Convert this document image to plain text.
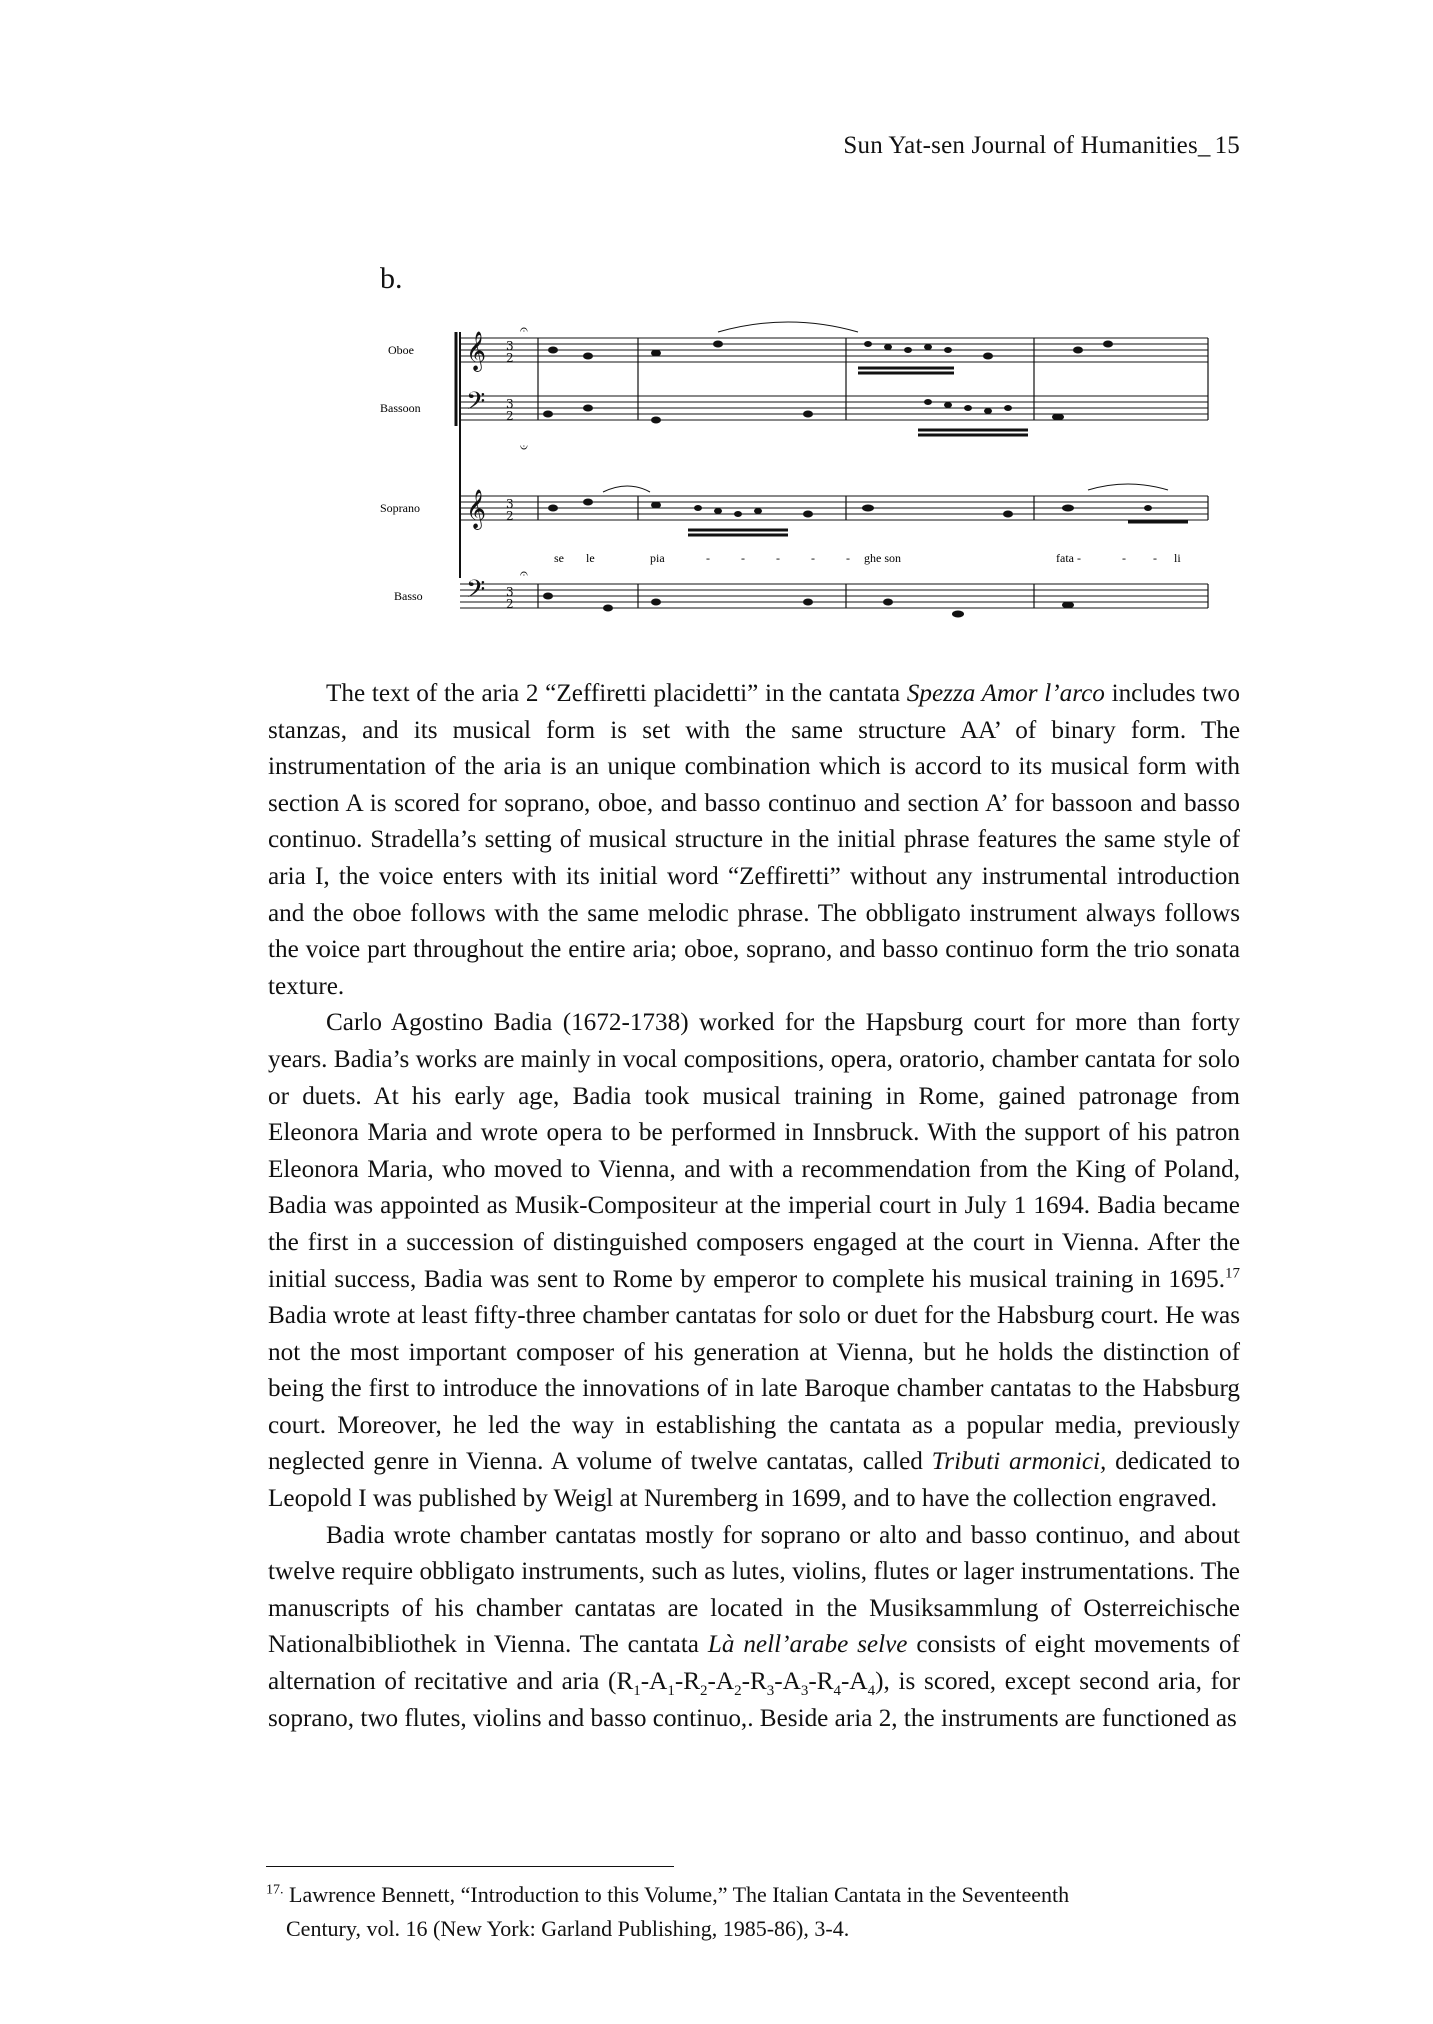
Sun Yat-sen Journal of Humanities_ 15
b.
𝄞
𝄢
𝄞
𝄢
3
2
3
2
3
2
3
2
𝄐
𝄑
𝄐
Oboe
Bassoon
Soprano
Basso
se le	pia	- - - - - ghe son	fata -	- - li

The text of the aria 2 “Zeffiretti placidetti” in the cantata Spezza Amor l’arco includes two stanzas, and its musical form is set with the same structure AA’ of binary form. The instrumentation of the aria is an unique combination which is accord to its musical form with section A is scored for soprano, oboe, and basso continuo and section A’ for bassoon and basso continuo. Stradella’s setting of musical structure in the initial phrase features the same style of aria I, the voice enters with its initial word “Zeffiretti” without any instrumental introduction and the oboe follows with the same melodic phrase. The obbligato instrument always follows the voice part throughout the entire aria; oboe, soprano, and basso continuo form the trio sonata texture.

Carlo Agostino Badia (1672-1738) worked for the Hapsburg court for more than forty years. Badia’s works are mainly in vocal compositions, opera, oratorio, chamber cantata for solo or duets. At his early age, Badia took musical training in Rome, gained patronage from Eleonora Maria and wrote opera to be performed in Innsbruck. With the support of his patron Eleonora Maria, who moved to Vienna, and with a recommendation from the King of Poland, Badia was appointed as Musik-Compositeur at the imperial court in July 1 1694. Badia became the first in a succession of distinguished composers engaged at the court in Vienna. After the initial success, Badia was sent to Rome by emperor to complete his musical training in 1695.17 Badia wrote at least fifty-three chamber cantatas for solo or duet for the Habsburg court. He was not the most important composer of his generation at Vienna, but he holds the distinction of being the first to introduce the innovations of in late Baroque chamber cantatas to the Habsburg court. Moreover, he led the way in establishing the cantata as a popular media, previously neglected genre in Vienna. A volume of twelve cantatas, called Tributi armonici, dedicated to Leopold I was published by Weigl at Nuremberg in 1699, and to have the collection engraved.

Badia wrote chamber cantatas mostly for soprano or alto and basso continuo, and about twelve require obbligato instruments, such as lutes, violins, flutes or lager instrumentations. The manuscripts of his chamber cantatas are located in the Musiksammlung of Osterreichische Nationalbibliothek in Vienna. The cantata Là nell’arabe selve consists of eight movements of alternation of recitative and aria $(R_1-A_1-R_2-A_2-R_3-A_3-R_4-A_4)$, is scored, except second aria, for soprano, two flutes, violins and basso continuo,. Beside aria 2, the instruments are functioned as

$^{17.}$ Lawrence Bennett, “Introduction to this Volume,” The Italian Cantata in the Seventeenth
Century, vol. 16 (New York: Garland Publishing, 1985-86), 3-4.
